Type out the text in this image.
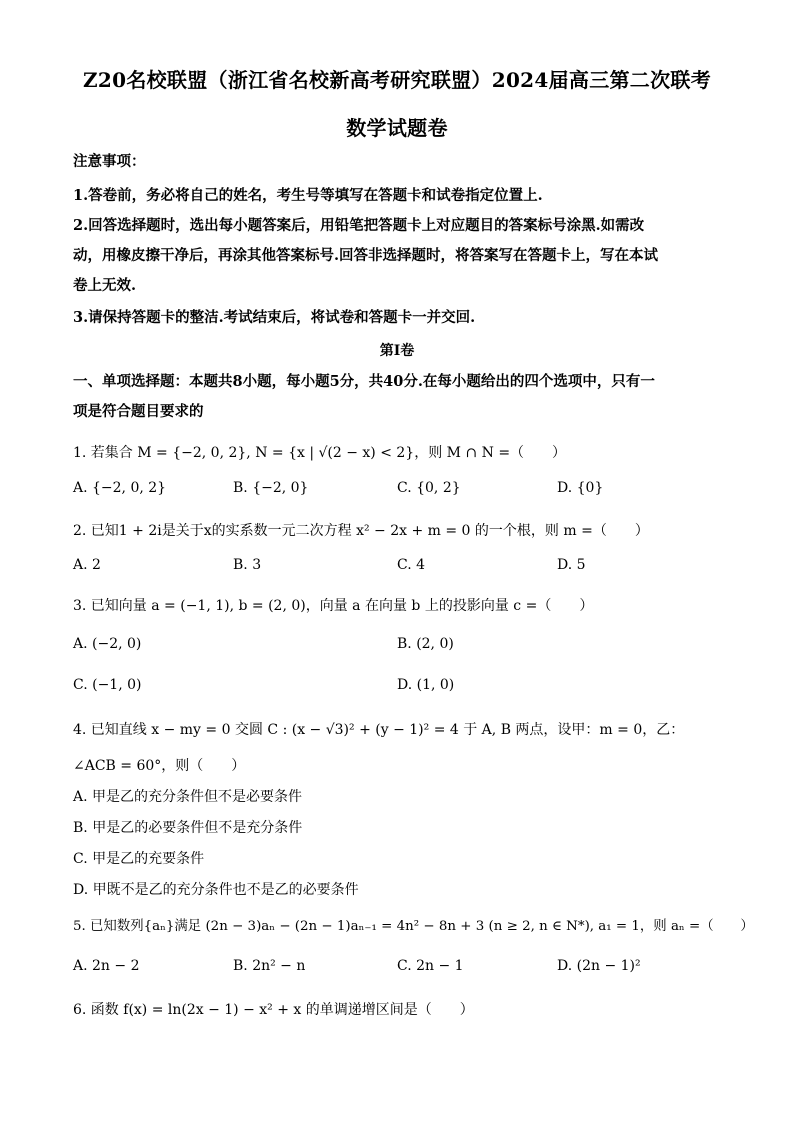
Z20名校联盟（浙江省名校新高考研究联盟）2024届高三第二次联考
数学试题卷
注意事项：
1.答卷前，务必将自己的姓名，考生号等填写在答题卡和试卷指定位置上.
2.回答选择题时，选出每小题答案后，用铅笔把答题卡上对应题目的答案标号涂黑.如需改
动，用橡皮擦干净后，再涂其他答案标号.回答非选择题时，将答案写在答题卡上，写在本试
卷上无效.
3.请保持答题卡的整洁.考试结束后，将试卷和答题卡一并交回.
第I卷
一、单项选择题：本题共8小题，每小题5分，共40分.在每小题给出的四个选项中，只有一
项是符合题目要求的
1. 若集合 M = {−2, 0, 2}, N = {x | √(2 − x) < 2}，则 M ∩ N =（　　）
A. {−2, 0, 2}	B. {−2, 0}	C. {0, 2}	D. {0}
2. 已知1 + 2i是关于x的实系数一元二次方程 x² − 2x + m = 0 的一个根，则 m =（　　）
A. 2	B. 3	C. 4	D. 5
3. 已知向量 a = (−1, 1), b = (2, 0)，向量 a 在向量 b 上的投影向量 c =（　　）
A. (−2, 0)	B. (2, 0)
C. (−1, 0)	D. (1, 0)
4. 已知直线 x − my = 0 交圆 C : (x − √3)² + (y − 1)² = 4 于 A, B 两点，设甲：m = 0，乙：
∠ACB = 60°，则（　　）
A. 甲是乙的充分条件但不是必要条件
B. 甲是乙的必要条件但不是充分条件
C. 甲是乙的充要条件
D. 甲既不是乙的充分条件也不是乙的必要条件
5. 已知数列{aₙ}满足 (2n − 3)aₙ − (2n − 1)aₙ₋₁ = 4n² − 8n + 3 (n ≥ 2, n ∈ N*), a₁ = 1，则 aₙ =（　　）
A. 2n − 2	B. 2n² − n	C. 2n − 1	D. (2n − 1)²
6. 函数 f(x) = ln(2x − 1) − x² + x 的单调递增区间是（　　）
